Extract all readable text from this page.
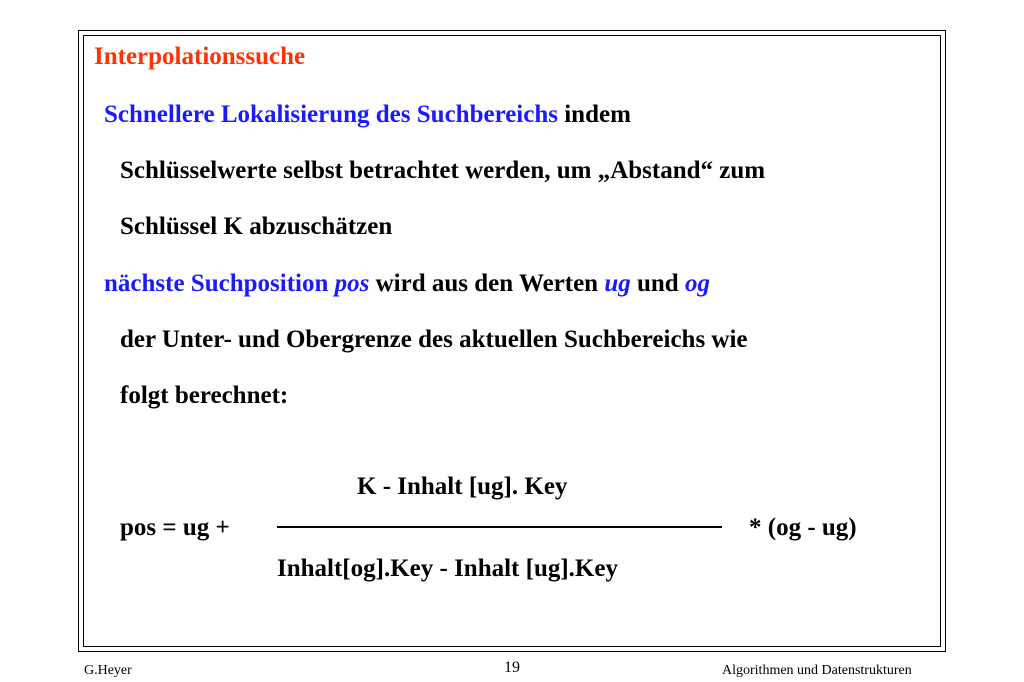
Interpolationssuche
Schnellere Lokalisierung des Suchbereichs indem
Schlüsselwerte selbst betrachtet werden, um „Abstand“ zum
Schlüssel K abzuschätzen
nächste Suchposition pos wird aus den Werten ug und og
der Unter- und Obergrenze des aktuellen Suchbereichs wie
folgt berechnet:
K - Inhalt [ug]. Key
pos = ug +	* (og - ug)
Inhalt[og].Key - Inhalt [ug].Key
G.Heyer	19	Algorithmen und Datenstrukturen
